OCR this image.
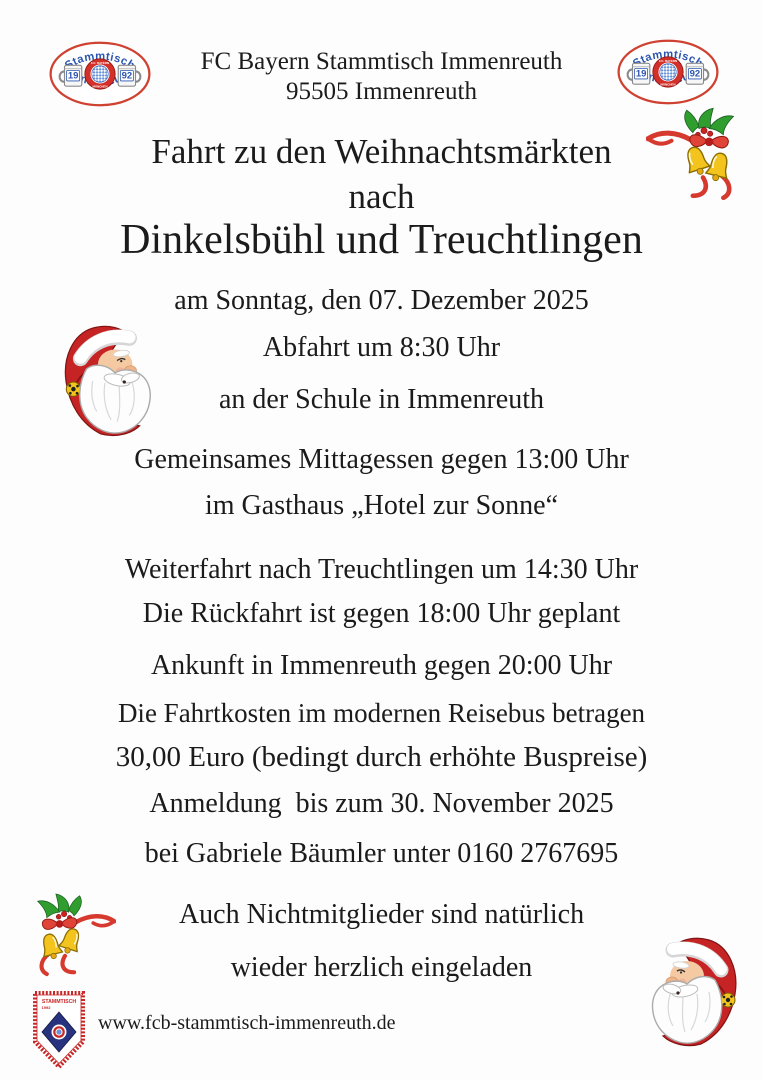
FC Bayern Stammtisch Immenreuth
95505 Immenreuth
Fahrt zu den Weihnachtsmärkten
nach
Dinkelsbühl und Treuchtlingen
am Sonntag, den 07. Dezember 2025
Abfahrt um 8:30 Uhr
an der Schule in Immenreuth
Gemeinsames Mittagessen gegen 13:00 Uhr
im Gasthaus „Hotel zur Sonne“
Weiterfahrt nach Treuchtlingen um 14:30 Uhr
Die Rückfahrt ist gegen 18:00 Uhr geplant
Ankunft in Immenreuth gegen 20:00 Uhr
Die Fahrtkosten im modernen Reisebus betragen
30,00 Euro (bedingt durch erhöhte Buspreise)
Anmeldung  bis zum 30. November 2025
bei Gabriele Bäumler unter 0160 2767695
Auch Nichtmitglieder sind natürlich
wieder herzlich eingeladen
www.fcb-stammtisch-immenreuth.de
